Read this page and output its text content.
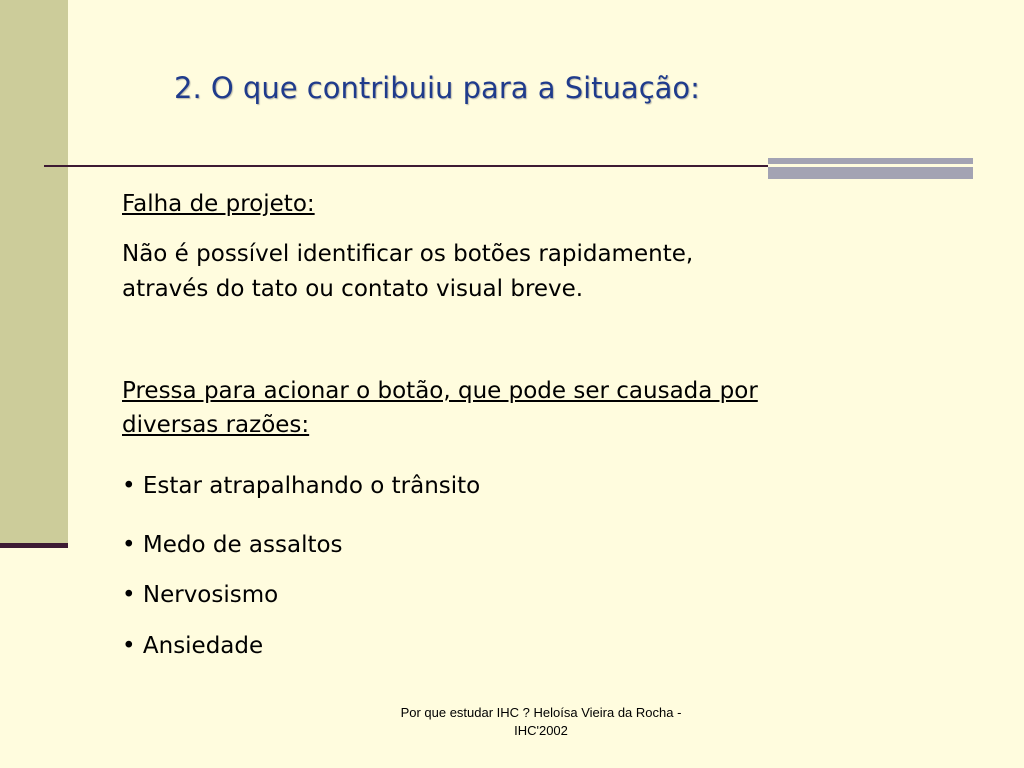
2. O que contribuiu para a Situação:

Falha de projeto:

Não é possível identificar os botões rapidamente,

através do tato ou contato visual breve.

Pressa para acionar o botão, que pode ser causada por

diversas razões:

• Estar atrapalhando o trânsito

• Medo de assaltos

• Nervosismo

• Ansiedade

Por que estudar IHC ? Heloísa Vieira da Rocha -
IHC'2002
